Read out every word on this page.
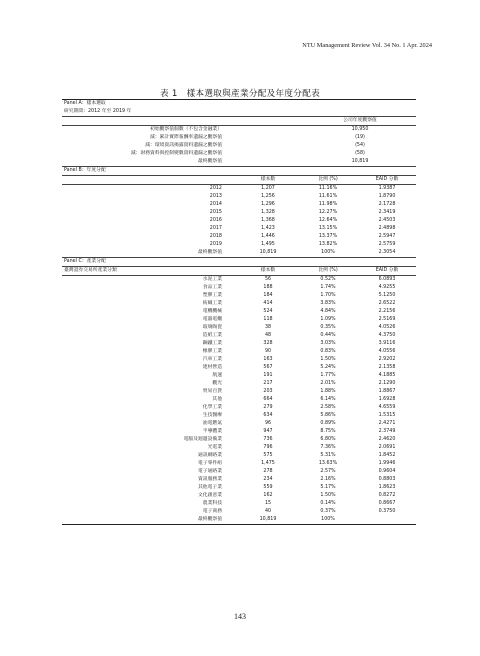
NTU Management Review Vol. 34 No. 1 Apr. 2024
表 1　樣本選取與產業分配及年度分配表
Panel A：樣本選取
研究期間：2012 年至 2019 年
公司年度觀察值
初始觀察值個數（不包含金融業）	10,950
減：累計實際報酬率遺漏之觀察值	(19)
減：環境資訊揭露資料遺漏之觀察值	(54)
減：財務資料與控制變數資料遺漏之觀察值	(58)
最終觀察值	10,819
Panel B：年度分配
樣本數	比例 (%)	EAID 分數
2012	1,207	11.16%	1.9387
2013	1,256	11.61%	1.8790
2014	1,296	11.98%	2.1728
2015	1,328	12.27%	2.3419
2016	1,368	12.64%	2.4503
2017	1,423	13.15%	2.4898
2018	1,446	13.37%	2.5947
2019	1,495	13.82%	2.5759
最終觀察值	10,819	100%	2.3054
Panel C：產業分配
臺灣證券交易所產業分類	樣本數	比例 (%)	EAID 分數
水泥工業	56	0.52%	6.0893
食品工業	188	1.74%	4.9255
塑膠工業	184	1.70%	5.1250
紡織工業	414	3.83%	2.6522
電機機械	524	4.84%	2.2156
電器電纜	118	1.09%	2.5169
玻璃陶瓷	38	0.35%	4.0526
造紙工業	48	0.44%	4.3750
鋼鐵工業	328	3.03%	3.9116
橡膠工業	90	0.83%	4.0556
汽車工業	163	1.50%	2.9202
建材營造	567	5.24%	2.1358
航運	191	1.77%	4.1885
觀光	217	2.01%	2.1290
貿易百貨	203	1.88%	1.8867
其他	664	6.14%	1.6928
化學工業	279	2.58%	4.6559
生技醫療	634	5.86%	1.5315
油電燃氣	96	0.89%	2.4271
半導體業	947	8.75%	2.3749
電腦及週邊設備業	736	6.80%	2.4620
光電業	796	7.36%	2.0691
通訊網路業	575	5.31%	1.8452
電子零件組	1,475	13.63%	1.9946
電子通路業	278	2.57%	0.9604
資訊服務業	234	2.16%	0.8803
其他電子業	559	5.17%	1.8623
文化創意業	162	1.50%	0.8272
農業科技	15	0.14%	0.8667
電子商務	40	0.37%	0.3750
最終觀察值	10,819	100%
143
